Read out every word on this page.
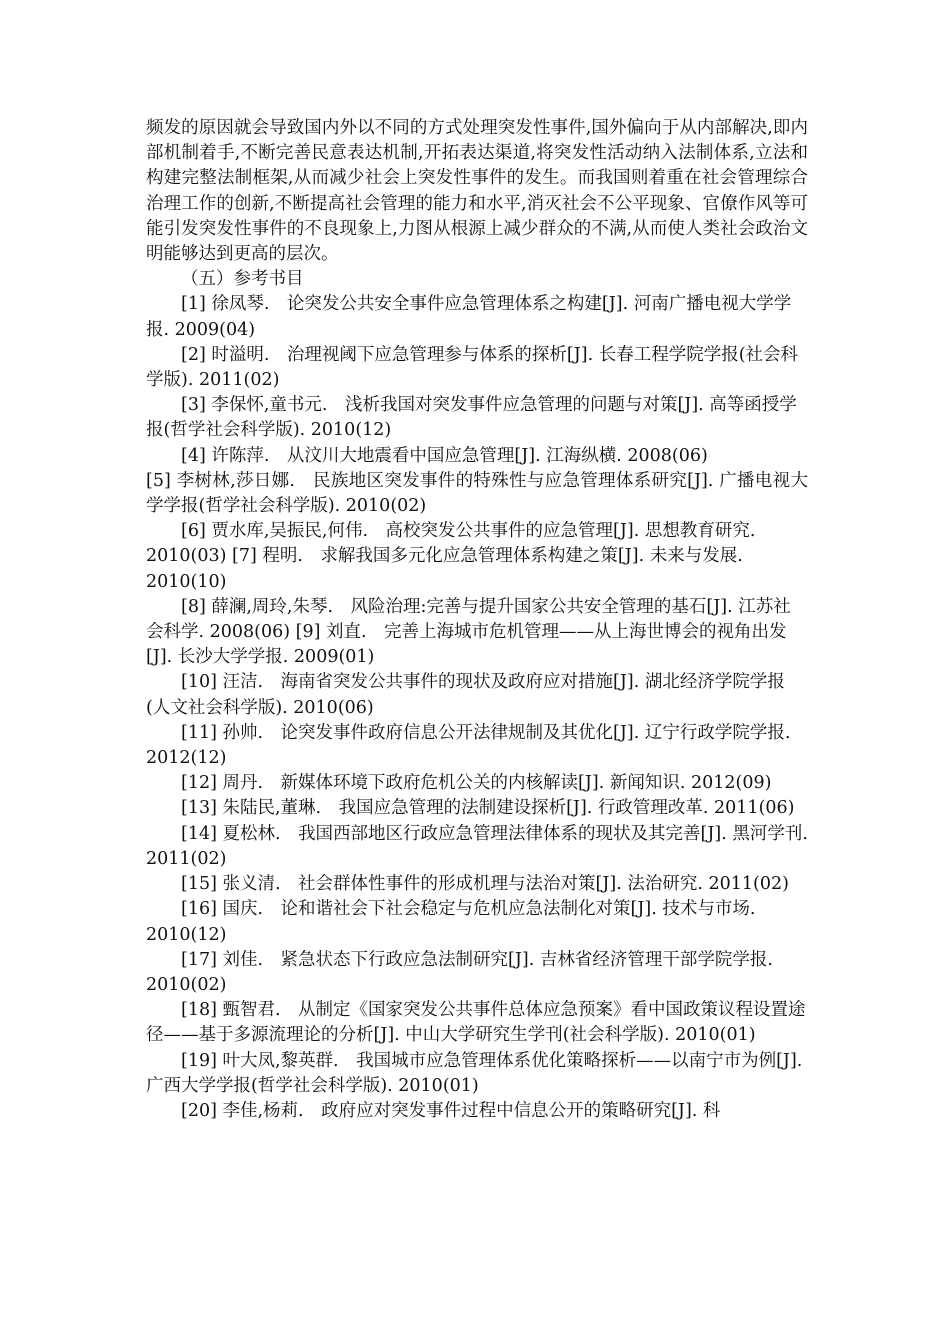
频发的原因就会导致国内外以不同的方式处理突发性事件,国外偏向于从内部解决,即内部机制着手,不断完善民意表达机制,开拓表达渠道,将突发性活动纳入法制体系,立法和构建完整法制框架,从而减少社会上突发性事件的发生。而我国则着重在社会管理综合治理工作的创新,不断提高社会管理的能力和水平,消灭社会不公平现象、官僚作风等可能引发突发性事件的不良现象上,力图从根源上减少群众的不满,从而使人类社会政治文明能够达到更高的层次。

（五）参考书目

[1] 徐凤琴.　论突发公共安全事件应急管理体系之构建[J]. 河南广播电视大学学报. 2009(04)

[2] 时溢明.　治理视阈下应急管理参与体系的探析[J]. 长春工程学院学报(社会科学版). 2011(02)

[3] 李保怀,童书元.　浅析我国对突发事件应急管理的问题与对策[J]. 高等函授学报(哲学社会科学版). 2010(12)

[4] 许陈萍.　从汶川大地震看中国应急管理[J]. 江海纵横. 2008(06)

[5] 李树林,莎日娜.　民族地区突发事件的特殊性与应急管理体系研究[J]. 广播电视大学学报(哲学社会科学版). 2010(02)

[6] 贾水库,吴振民,何伟.　高校突发公共事件的应急管理[J]. 思想教育研究. 2010(03) [7] 程明.　求解我国多元化应急管理体系构建之策[J]. 未来与发展. 2010(10)

[8] 薛澜,周玲,朱琴.　风险治理:完善与提升国家公共安全管理的基石[J]. 江苏社会科学. 2008(06) [9] 刘直.　完善上海城市危机管理——从上海世博会的视角出发[J]. 长沙大学学报. 2009(01)

[10] 汪洁.　海南省突发公共事件的现状及政府应对措施[J]. 湖北经济学院学报(人文社会科学版). 2010(06)

[11] 孙帅.　论突发事件政府信息公开法律规制及其优化[J]. 辽宁行政学院学报. 2012(12)

[12] 周丹.　新媒体环境下政府危机公关的内核解读[J]. 新闻知识. 2012(09)

[13] 朱陆民,董琳.　我国应急管理的法制建设探析[J]. 行政管理改革. 2011(06)

[14] 夏松林.　我国西部地区行政应急管理法律体系的现状及其完善[J]. 黑河学刊. 2011(02)

[15] 张义清.　社会群体性事件的形成机理与法治对策[J]. 法治研究. 2011(02)

[16] 国庆.　论和谐社会下社会稳定与危机应急法制化对策[J]. 技术与市场. 2010(12)

[17] 刘佳.　紧急状态下行政应急法制研究[J]. 吉林省经济管理干部学院学报. 2010(02)

[18] 甄智君.　从制定《国家突发公共事件总体应急预案》看中国政策议程设置途径——基于多源流理论的分析[J]. 中山大学研究生学刊(社会科学版). 2010(01)

[19] 叶大凤,黎英群.　我国城市应急管理体系优化策略探析——以南宁市为例[J]. 广西大学学报(哲学社会科学版). 2010(01)

[20] 李佳,杨莉.　政府应对突发事件过程中信息公开的策略研究[J]. 科
